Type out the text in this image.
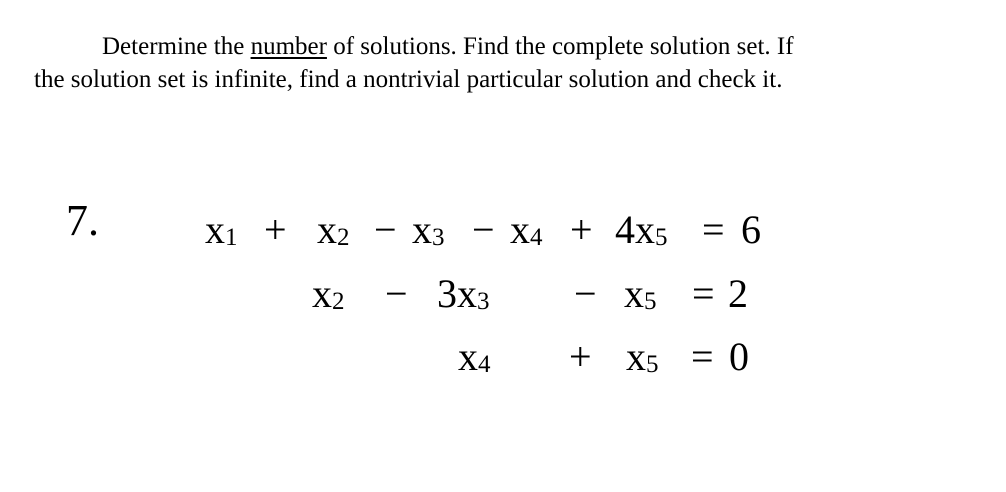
Determine the number of solutions. Find the complete solution set. If
the solution set is infinite, find a nontrivial particular solution and check it.

7.	$x_1 + x_2 - x_3 - x_4 + 4x_5 = 6$
$x_2 - 3x_3 - x_5 = 2$
$x_4 + x_5 = 0$
